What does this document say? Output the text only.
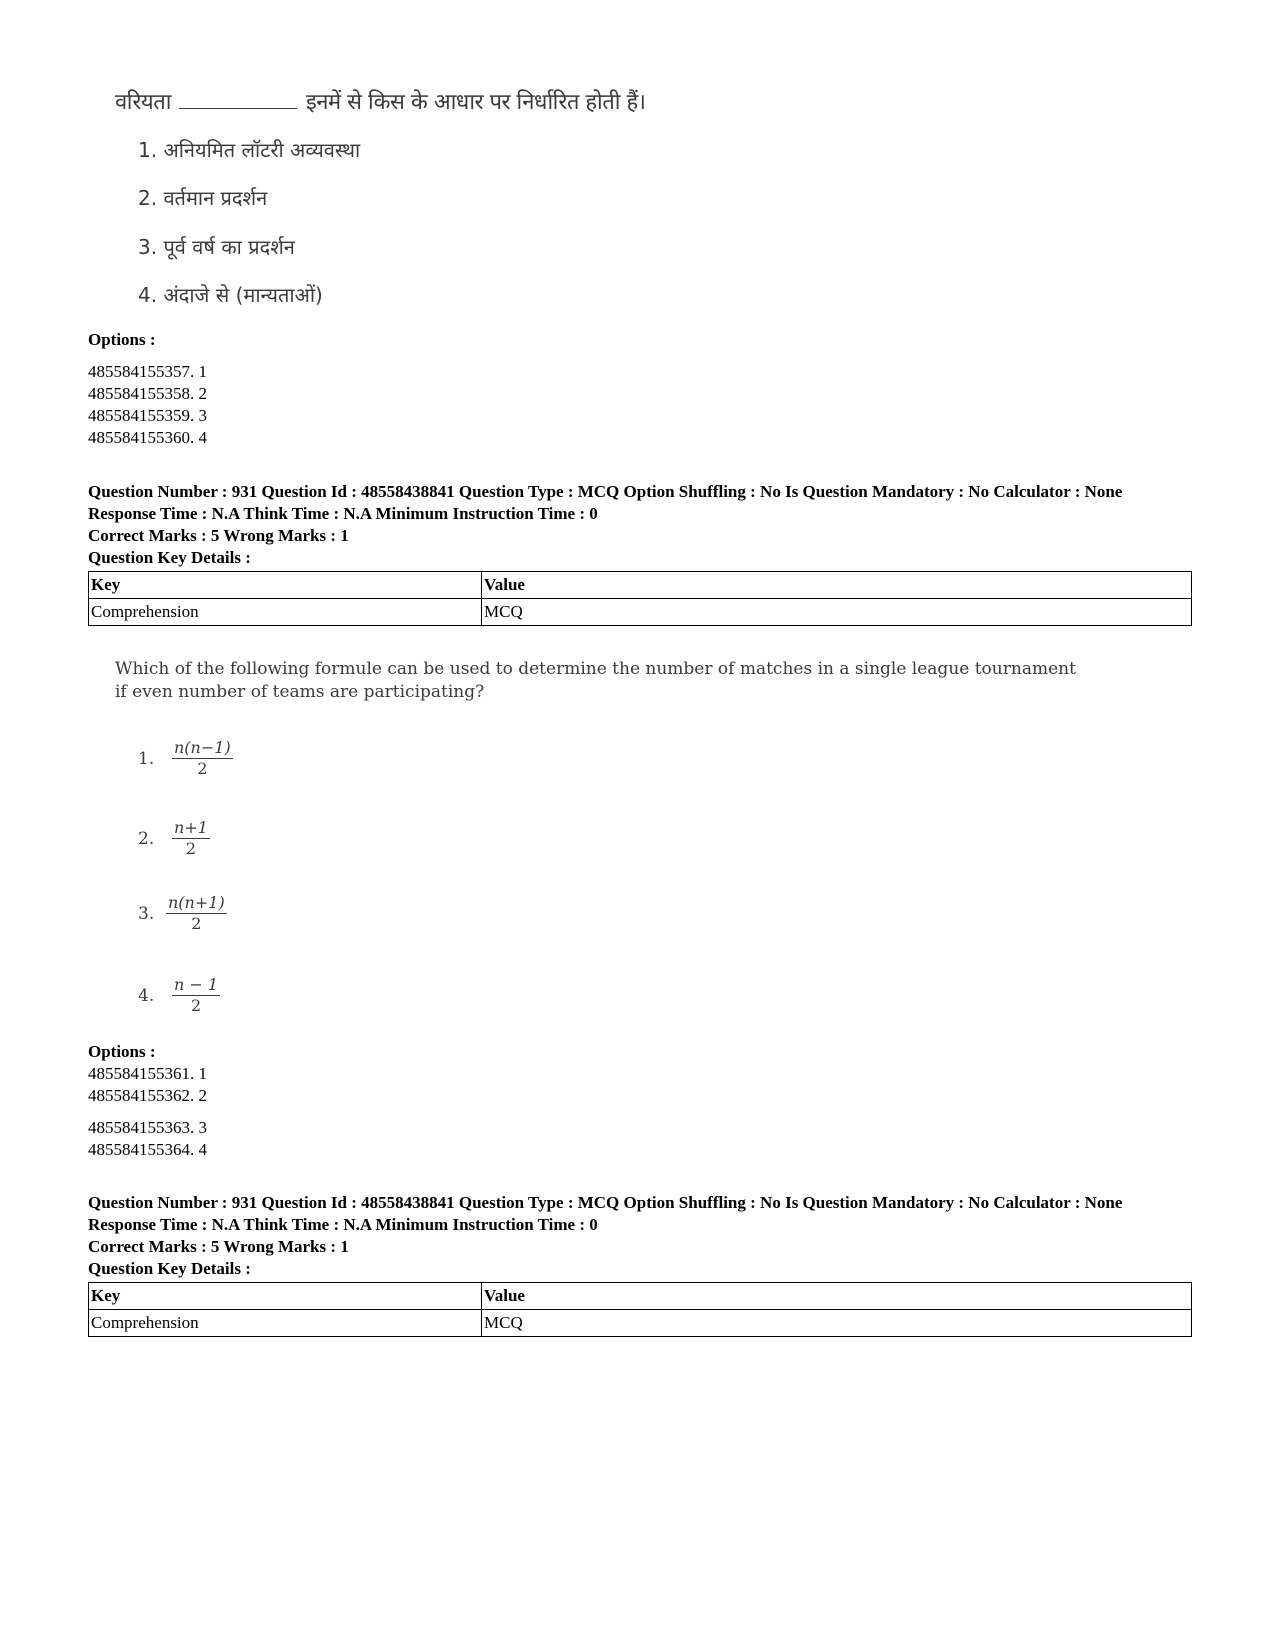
वरियता	इनमें से किस के आधार पर निर्धारित होती हैं।
1. अनियमित लॉटरी अव्यवस्था
2. वर्तमान प्रदर्शन
3. पूर्व वर्ष का प्रदर्शन
4. अंदाजे से (मान्यताओं)
Options :
485584155357. 1
485584155358. 2
485584155359. 3
485584155360. 4
Question Number : 931 Question Id : 48558438841 Question Type : MCQ Option Shuffling : No Is Question Mandatory : No Calculator : None
Response Time : N.A Think Time : N.A Minimum Instruction Time : 0
Correct Marks : 5 Wrong Marks : 1
Question Key Details :
Key	Value
Comprehension	MCQ
Which of the following formule can be used to determine the number of matches in a single league tournament
if even number of teams are participating?
1.	$\frac{n(n-1)}{2}$
2.	$\frac{n+1}{2}$
3. $\frac{n(n+1)}{2}$
4.	$\frac{n - 1}{2}$
Options :
485584155361. 1
485584155362. 2
485584155363. 3
485584155364. 4
Question Number : 931 Question Id : 48558438841 Question Type : MCQ Option Shuffling : No Is Question Mandatory : No Calculator : None
Response Time : N.A Think Time : N.A Minimum Instruction Time : 0
Correct Marks : 5 Wrong Marks : 1
Question Key Details :
Key	Value
Comprehension	MCQ
